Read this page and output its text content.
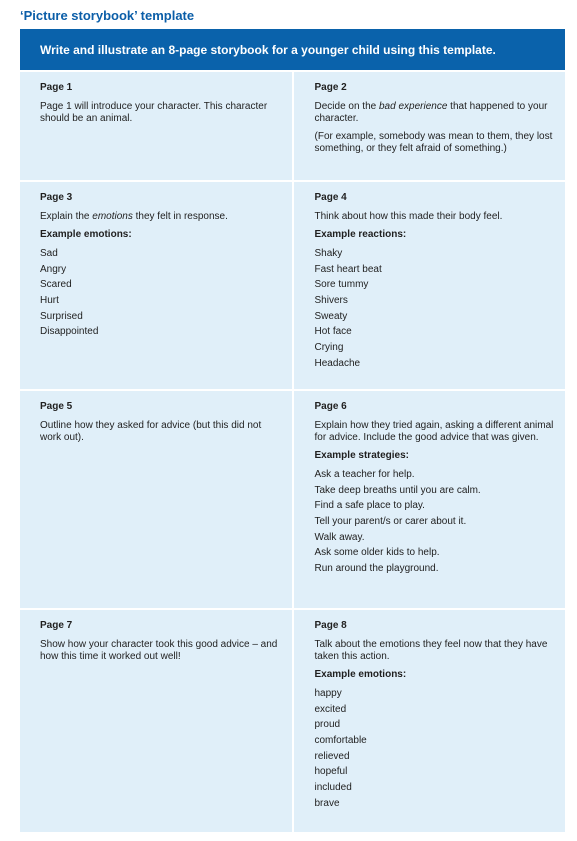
‘Picture storybook’ template
Write and illustrate an 8-page storybook for a younger child using this template.
Page 1
Page 1 will introduce your character. This character should be an animal.
Page 2
Decide on the bad experience that happened to your character.
(For example, somebody was mean to them, they lost something, or they felt afraid of something.)
Page 3
Explain the emotions they felt in response.
Example emotions:
Sad
Angry
Scared
Hurt
Surprised
Disappointed
Page 4
Think about how this made their body feel.
Example reactions:
Shaky
Fast heart beat
Sore tummy
Shivers
Sweaty
Hot face
Crying
Headache
Page 5
Outline how they asked for advice (but this did not work out).
Page 6
Explain how they tried again, asking a different animal for advice. Include the good advice that was given.
Example strategies:
Ask a teacher for help.
Take deep breaths until you are calm.
Find a safe place to play.
Tell your parent/s or carer about it.
Walk away.
Ask some older kids to help.
Run around the playground.
Page 7
Show how your character took this good advice – and how this time it worked out well!
Page 8
Talk about the emotions they feel now that they have taken this action.
Example emotions:
happy
excited
proud
comfortable
relieved
hopeful
included
brave
